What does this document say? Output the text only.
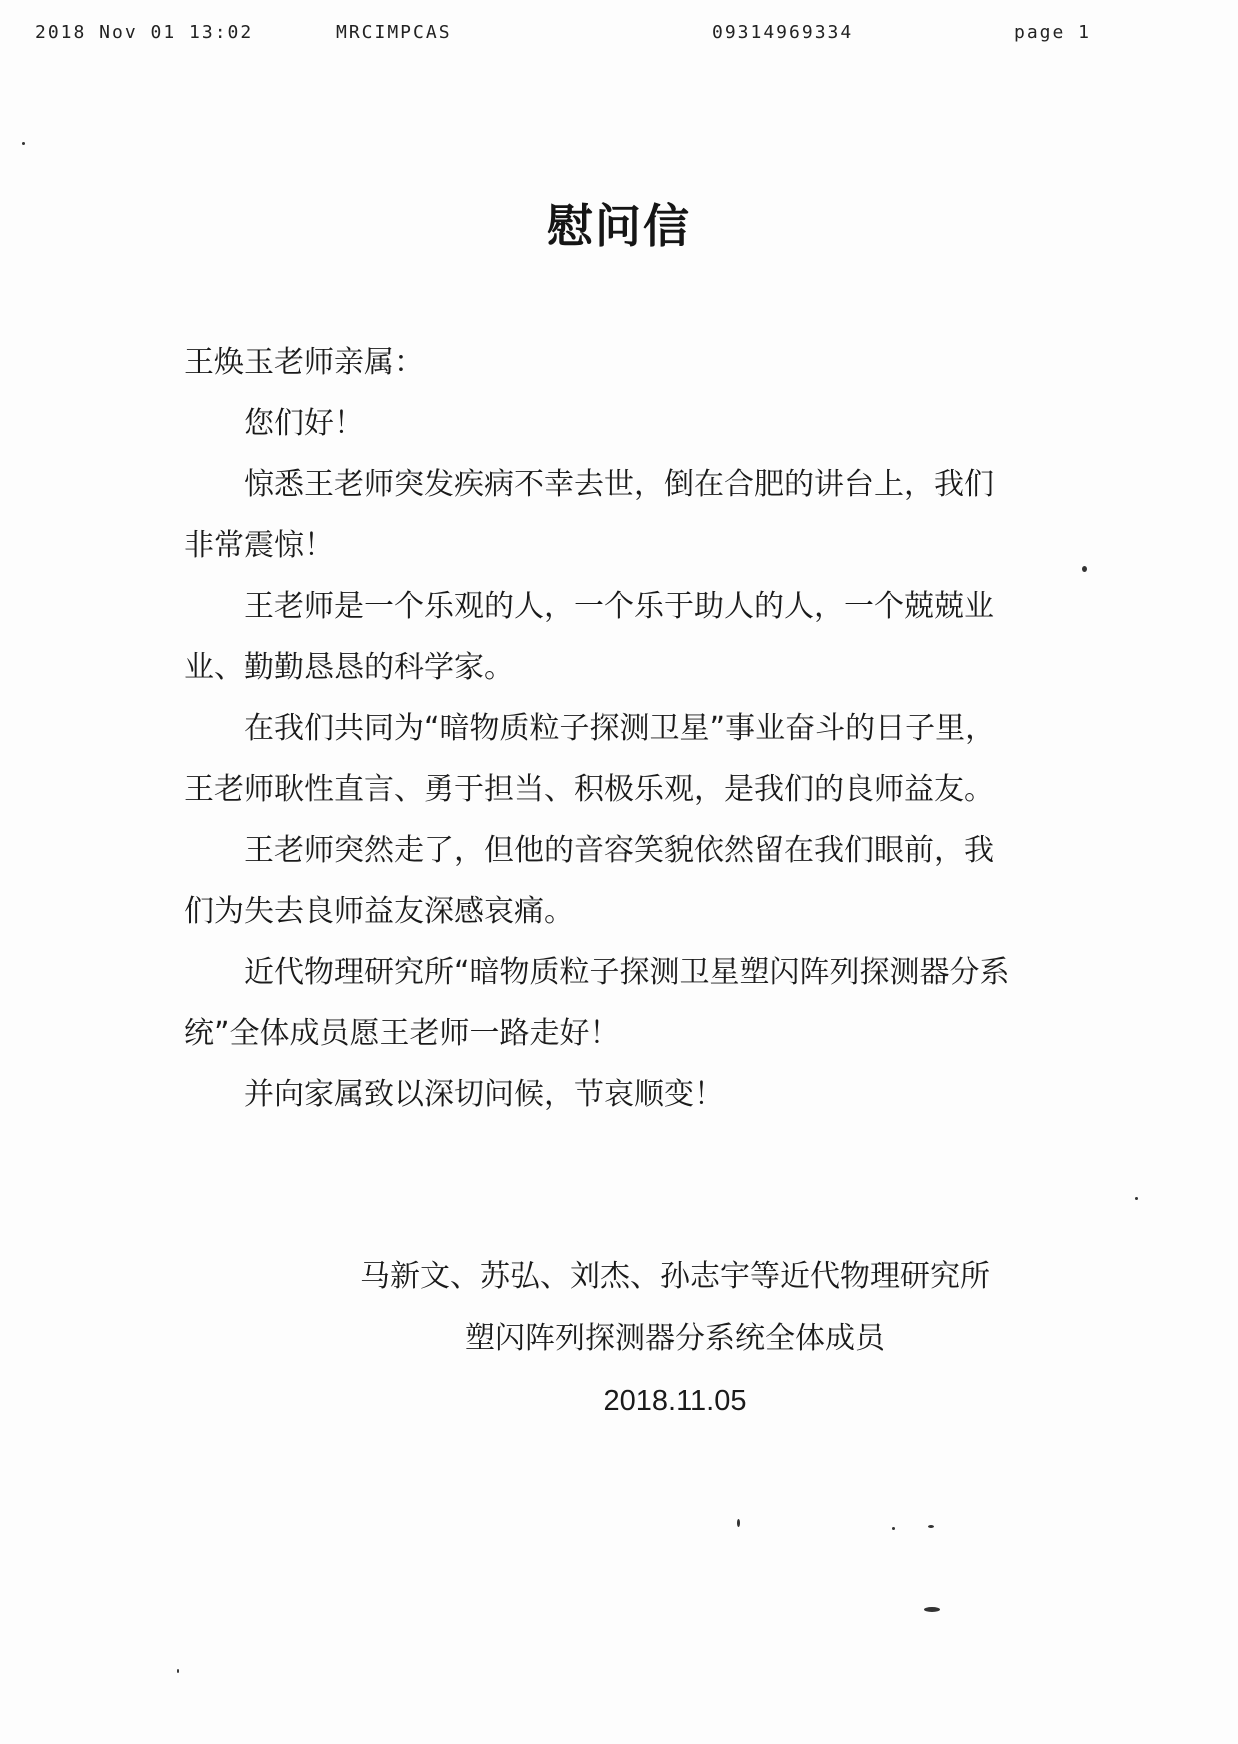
2018 Nov 01 13:02	MRCIMPCAS	09314969334	page 1
慰问信

王焕玉老师亲属：

您们好！

惊悉王老师突发疾病不幸去世，倒在合肥的讲台上，我们非常震惊！

王老师是一个乐观的人，一个乐于助人的人，一个兢兢业业、勤勤恳恳的科学家。

在我们共同为“暗物质粒子探测卫星”事业奋斗的日子里，王老师耿性直言、勇于担当、积极乐观，是我们的良师益友。

王老师突然走了，但他的音容笑貌依然留在我们眼前，我们为失去良师益友深感哀痛。

近代物理研究所“暗物质粒子探测卫星塑闪阵列探测器分系统”全体成员愿王老师一路走好！

并向家属致以深切问候，节哀顺变！

马新文、苏弘、刘杰、孙志宇等近代物理研究所
塑闪阵列探测器分系统全体成员
2018.11.05
